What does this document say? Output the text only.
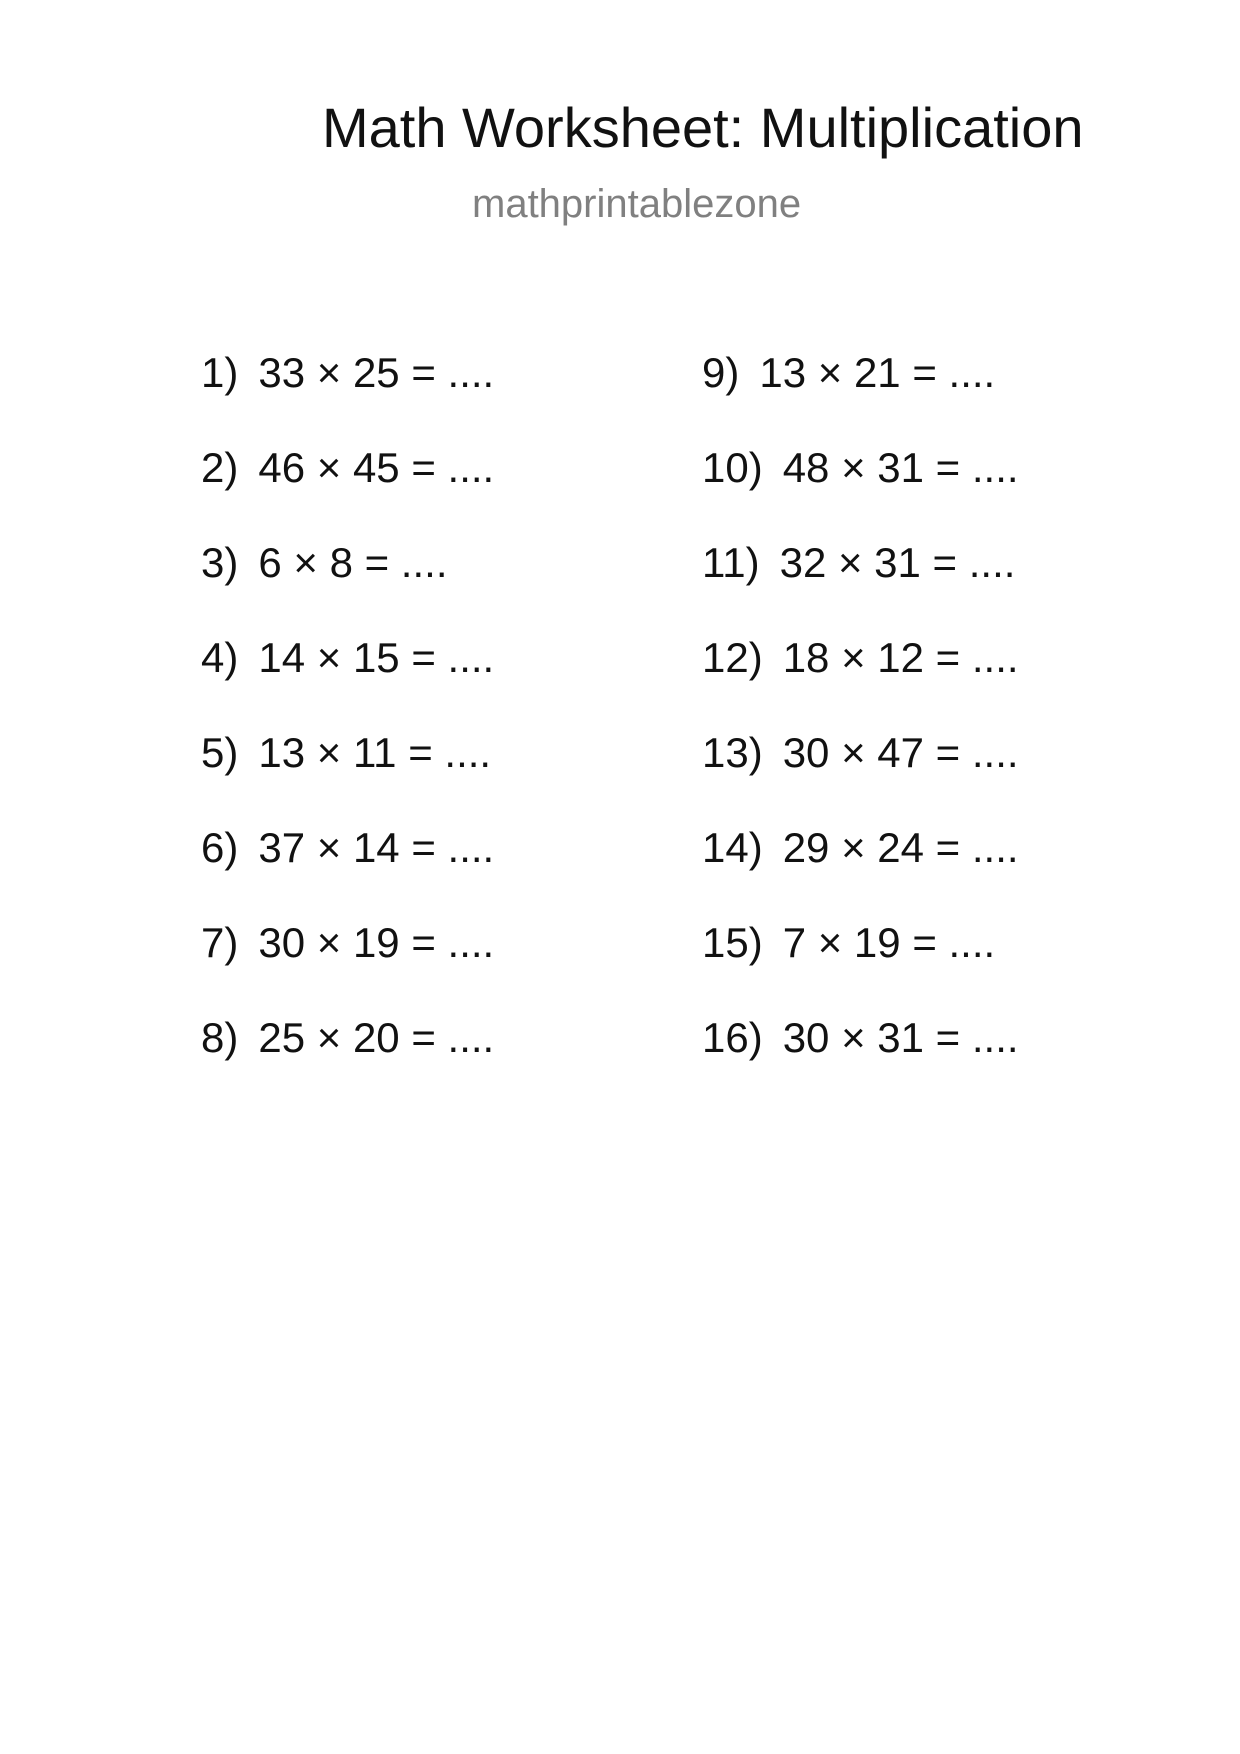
Math Worksheet: Multiplication
mathprintablezone
1) 33 × 25 = ....
2) 46 × 45 = ....
3) 6 × 8 = ....
4) 14 × 15 = ....
5) 13 × 11 = ....
6) 37 × 14 = ....
7) 30 × 19 = ....
8) 25 × 20 = ....
9) 13 × 21 = ....
10) 48 × 31 = ....
11) 32 × 31 = ....
12) 18 × 12 = ....
13) 30 × 47 = ....
14) 29 × 24 = ....
15) 7 × 19 = ....
16) 30 × 31 = ....
